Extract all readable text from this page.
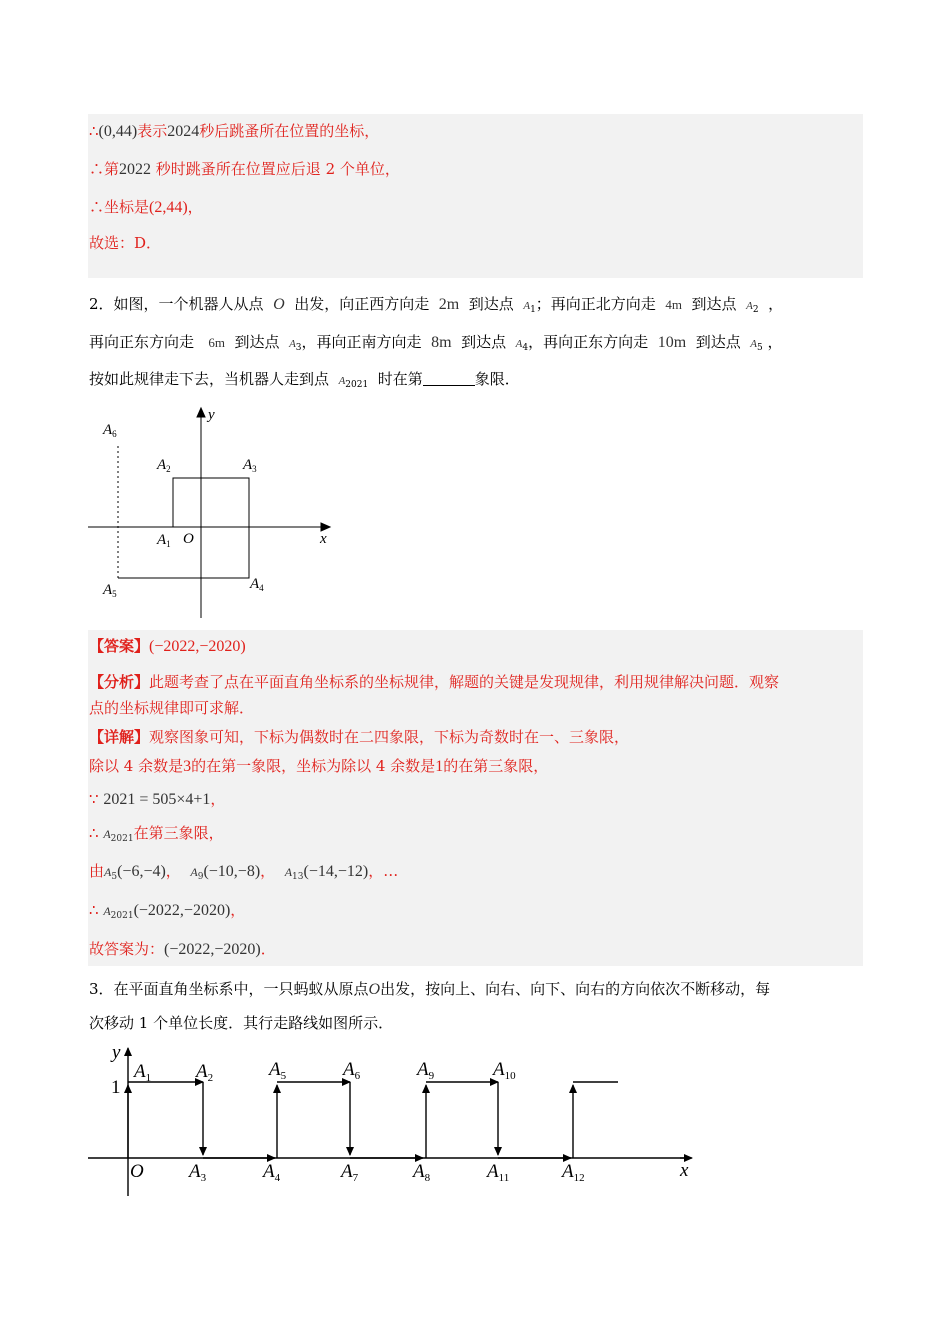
∴(0,44)表示2024秒后跳蚤所在位置的坐标，
∴第2022 秒时跳蚤所在位置应后退 2 个单位，
∴坐标是(2,44)，
故选：D．
2．如图，一个机器人从点 O 出发，向正西方向走 2m 到达点 $A_1$；再向正北方向走 4m 到达点 $A_2$ ，
再向正东方向走 6m 到达点 $A_3$，再向正南方向走 8m 到达点 $A_4$，再向正东方向走 10m 到达点 $A_5$ ，
按如此规律走下去，当机器人走到点 $A_{2021}$ 时在第	象限．
y
x
O
$A_1$
$A_2$	$A_3$
$A_4$
$A_5$
$A_6$
【答案】(−2022,−2020)
【分析】此题考查了点在平面直角坐标系的坐标规律，解题的关键是发现规律，利用规律解决问题．观察
点的坐标规律即可求解．
【详解】观察图象可知，下标为偶数时在二四象限，下标为奇数时在一、三象限，
除以 4 余数是3的在第一象限，坐标为除以 4 余数是1的在第三象限，
∵ 2021 = 505×4+1，
∴ $A_{2021}$在第三象限，
由$A_5(-6,-4)$， $A_9(-10,-8)$， $A_{13}(-14,-12)$，…
∴ $A_{2021}(-2022,-2020)$，
故答案为：(−2022,−2020)．
3．在平面直角坐标系中，一只蚂蚁从原点O出发，按向上、向右、向下、向右的方向依次不断移动，每
次移动 1 个单位长度．其行走路线如图所示．
y
x
O
1
$A_1$ $A_2$
$A_3$	$A_4$
$A_5$	$A_6$
$A_7$	$A_8$
$A_9$	$A_{10}$
$A_{11}$	$A_{12}$
